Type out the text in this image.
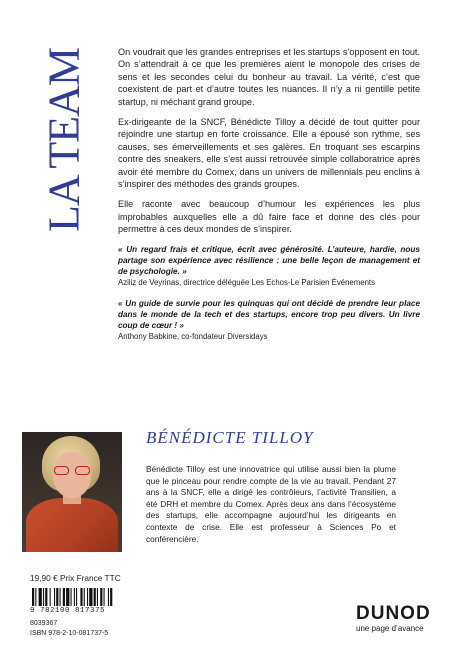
LA TEAM	On voudrait que les grandes entreprises et les startups s’opposent en tout. On s’attendrait à ce que les premières aient le monopole des crises de sens et les secondes celui du bonheur au travail. La vérité, c’est que coexistent de part et d’autre toutes les nuances. Il n’y a ni gentille petite startup, ni méchant grand groupe.

Ex-dirigeante de la SNCF, Bénédicte Tilloy a décidé de tout quitter pour rejoindre une startup en forte croissance. Elle a épousé son rythme, ses causes, ses émerveillements et ses galères. En troquant ses escarpins contre des sneakers, elle s’est aussi retrouvée simple collaboratrice après avoir été membre du Comex, dans un univers de millennials peu enclins à s’inspirer des méthodes des grands groupes.

Elle raconte avec beaucoup d’humour les expériences les plus improbables auxquelles elle a dû faire face et donne des clés pour permettre à ces deux mondes de s’inspirer.

« Un regard frais et critique, écrit avec générosité. L’auteure, hardie, nous partage son expérience avec résilience : une belle leçon de management et de psychologie. »
Aziliz de Veyrinas, directrice déléguée Les Echos-Le Parisien Événements
« Un guide de survie pour les quinquas qui ont décidé de prendre leur place dans le monde de la tech et des startups, encore trop peu divers. Un livre coup de cœur ! »
Anthony Babkine, co-fondateur Diversidays
BÉNÉDICTE TILLOY
Bénédicte Tilloy est une innovatrice qui utilise aussi bien la plume que le pinceau pour rendre compte de la vie au travail. Pendant 27 ans à la SNCF, elle a dirigé les contrôleurs, l’activité Transilien, a été DRH et membre du Comex. Après deux ans dans l’écosystème des startups, elle accompagne aujourd’hui les dirigeants en contexte de crise. Elle est professeur à Sciences Po et conférencière.
19,90 € Prix France TTC
9 782100 817375
8039367
ISBN 978-2-10-081737-5
DUNOD
une page d’avance
